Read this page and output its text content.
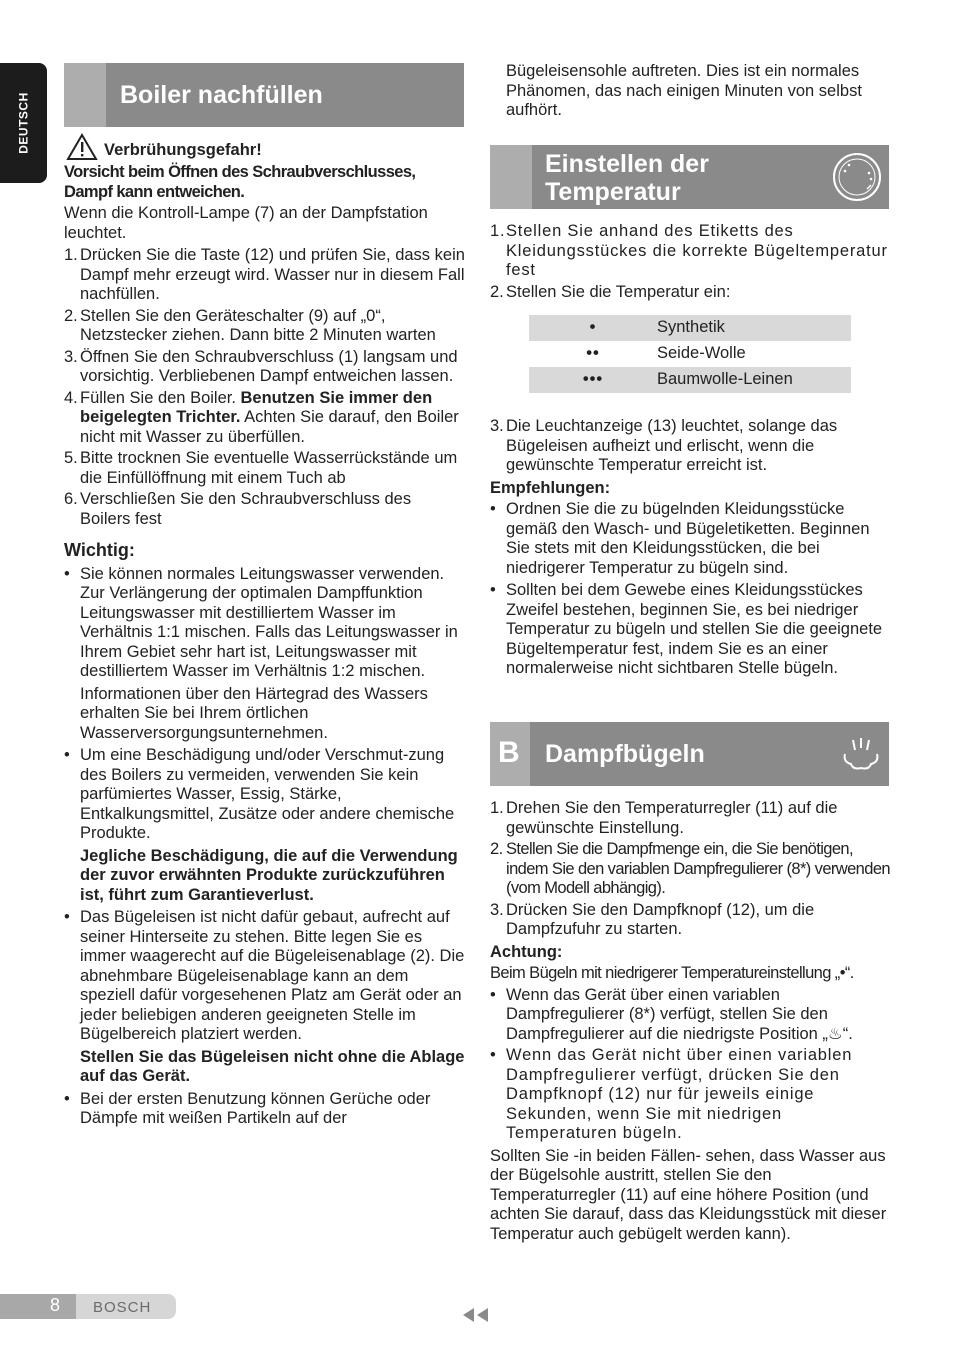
DEUTSCH	Boiler nachfüllen
Verbrühungsgefahr!

Vorsicht beim Öffnen des Schraubverschlusses, Dampf kann entweichen.

Wenn die Kontroll-Lampe (7) an der Dampfstation leuchtet.

1. Drücken Sie die Taste (12) und prüfen Sie, dass kein Dampf mehr erzeugt wird. Wasser nur in diesem Fall nachfüllen.
2. Stellen Sie den Geräteschalter (9) auf „0“, Netzstecker ziehen. Dann bitte 2 Minuten warten
3. Öffnen Sie den Schraubverschluss (1) langsam und vorsichtig. Verbliebenen Dampf entweichen lassen.
4. Füllen Sie den Boiler. Benutzen Sie immer den beigelegten Trichter. Achten Sie darauf, den Boiler nicht mit Wasser zu überfüllen.
5. Bitte trocknen Sie eventuelle Wasserrückstände um die Einfüllöffnung mit einem Tuch ab
6. Verschließen Sie den Schraubverschluss des Boilers fest

Wichtig:

• Sie können normales Leitungswasser verwenden. Zur Verlängerung der optimalen Dampffunktion Leitungswasser mit destilliertem Wasser im Verhältnis 1:1 mischen. Falls das Leitungswasser in Ihrem Gebiet sehr hart ist, Leitungswasser mit destilliertem Wasser im Verhältnis 1:2 mischen.

Informationen über den Härtegrad des Wassers erhalten Sie bei Ihrem örtlichen Wasserversorgungsunternehmen.

• Um eine Beschädigung und/oder Verschmut-zung des Boilers zu vermeiden, verwenden Sie kein parfümiertes Wasser, Essig, Stärke, Entkalkungsmittel, Zusätze oder andere chemische Produkte.

Jegliche Beschädigung, die auf die Verwendung der zuvor erwähnten Produkte zurückzuführen ist, führt zum Garantieverlust.

• Das Bügeleisen ist nicht dafür gebaut, aufrecht auf seiner Hinterseite zu stehen. Bitte legen Sie es immer waagerecht auf die Bügeleisenablage (2). Die abnehmbare Bügeleisenablage kann an dem speziell dafür vorgesehenen Platz am Gerät oder an jeder beliebigen anderen geeigneten Stelle im Bügelbereich platziert werden.

Stellen Sie das Bügeleisen nicht ohne die Ablage auf das Gerät.

• Bei der ersten Benutzung können Gerüche oder Dämpfe mit weißen Partikeln auf der

Bügeleisensohle auftreten. Dies ist ein normales Phänomen, das nach einigen Minuten von selbst aufhört.

Einstellen der Temperatur
1. Stellen Sie anhand des Etiketts des Kleidungsstückes die korrekte Bügeltemperatur fest
2. Stellen Sie die Temperatur ein:
•	Synthetik
••	Seide-Wolle
•••	Baumwolle-Leinen
3. Die Leuchtanzeige (13) leuchtet, solange das Bügeleisen aufheizt und erlischt, wenn die gewünschte Temperatur erreicht ist.

Empfehlungen:

• Ordnen Sie die zu bügelnden Kleidungsstücke gemäß den Wasch- und Bügeletiketten. Beginnen Sie stets mit den Kleidungsstücken, die bei niedrigerer Temperatur zu bügeln sind.
• Sollten bei dem Gewebe eines Kleidungsstückes Zweifel bestehen, beginnen Sie, es bei niedriger Temperatur zu bügeln und stellen Sie die geeignete Bügeltemperatur fest, indem Sie es an einer normalerweise nicht sichtbaren Stelle bügeln.
B Dampfbügeln
1. Drehen Sie den Temperaturregler (11) auf die gewünschte Einstellung.
2. Stellen Sie die Dampfmenge ein, die Sie benötigen, indem Sie den variablen Dampfregulierer (8*) verwenden (vom Modell abhängig).
3. Drücken Sie den Dampfknopf (12), um die Dampfzufuhr zu starten.

Achtung:

Beim Bügeln mit niedrigerer Temperatureinstellung „•“.

• Wenn das Gerät über einen variablen Dampfregulierer (8*) verfügt, stellen Sie den Dampfregulierer auf die niedrigste Position „♨“.
• Wenn das Gerät nicht über einen variablen Dampfregulierer verfügt, drücken Sie den Dampfknopf (12) nur für jeweils einige Sekunden, wenn Sie mit niedrigen Temperaturen bügeln.

Sollten Sie -in beiden Fällen- sehen, dass Wasser aus der Bügelsohle austritt, stellen Sie den Temperaturregler (11) auf eine höhere Position (und achten Sie darauf, dass das Kleidungsstück mit dieser Temperatur auch gebügelt werden kann).

8 BOSCH
